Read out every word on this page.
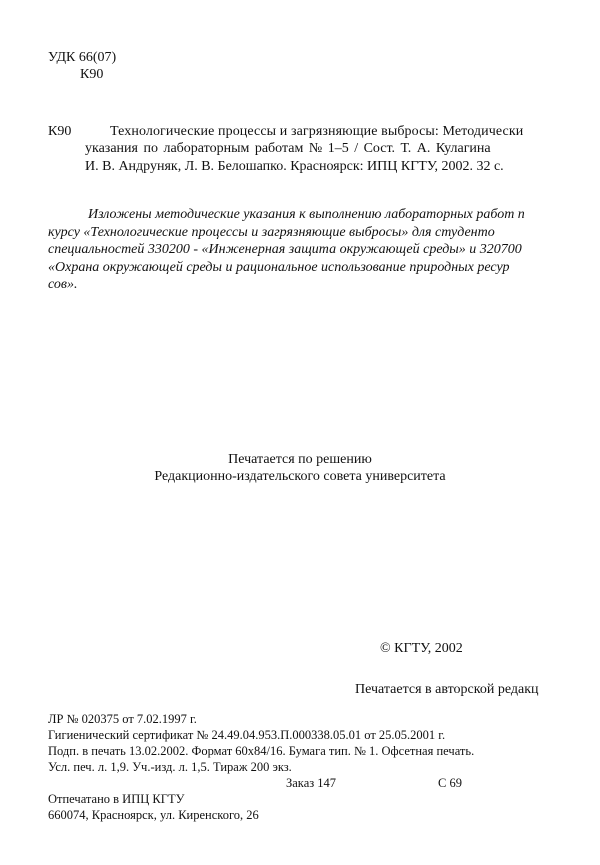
УДК 66(07)
К90
К90	Технологические процессы и загрязняющие выбросы: Методически
указания по лабораторным работам № 1–5 / Сост. Т. А. Кулагина
И. В. Андруняк, Л. В. Белошапко. Красноярск: ИПЦ КГТУ, 2002. 32 с.
Изложены методические указания к выполнению лабораторных работ п
курсу «Технологические процессы и загрязняющие выбросы» для студенто
специальностей 330200 - «Инженерная защита окружающей среды» и 320700
«Охрана окружающей среды и рациональное использование природных ресур
сов».
Печатается по решению
Редакционно-издательского совета университета
© КГТУ, 2002
Печатается в авторской редакц
ЛР № 020375 от 7.02.1997 г.
Гигиенический сертификат № 24.49.04.953.П.000338.05.01 от 25.05.2001 г.
Подп. в печать 13.02.2002. Формат 60х84/16. Бумага тип. № 1. Офсетная печать.
Усл. печ. л. 1,9. Уч.-изд. л. 1,5. Тираж 200 экз.
Заказ 147	С 69
Отпечатано в ИПЦ КГТУ
660074, Красноярск, ул. Киренского, 26
